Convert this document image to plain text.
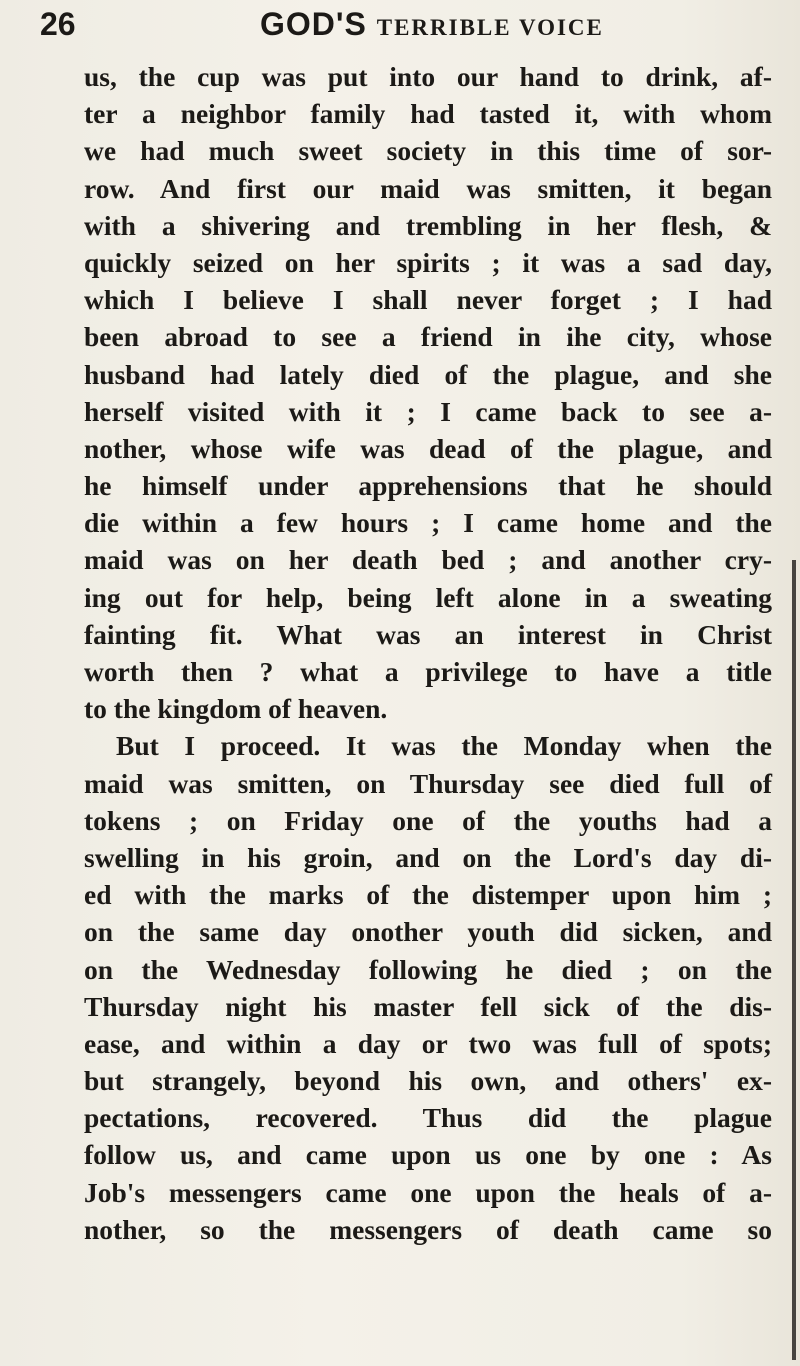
26	GOD'S TERRIBLE VOICE
us, the cup was put into our hand to drink, af-
ter a neighbor family had tasted it, with whom
we had much sweet society in this time of sor-
row. And first our maid was smitten, it began
with a shivering and trembling in her flesh, &
quickly seized on her spirits ; it was a sad day,
which I believe I shall never forget ; I had
been abroad to see a friend in ihe city, whose
husband had lately died of the plague, and she
herself visited with it ; I came back to see a-
nother, whose wife was dead of the plague, and
he himself under apprehensions that he should
die within a few hours ; I came home and the
maid was on her death bed ; and another cry-
ing out for help, being left alone in a sweating
fainting fit. What was an interest in Christ
worth then ? what a privilege to have a title
to the kingdom of heaven.
But I proceed. It was the Monday when the
maid was smitten, on Thursday see died full of
tokens ; on Friday one of the youths had a
swelling in his groin, and on the Lord's day di-
ed with the marks of the distemper upon him ;
on the same day onother youth did sicken, and
on the Wednesday following he died ; on the
Thursday night his master fell sick of the dis-
ease, and within a day or two was full of spots;
but strangely, beyond his own, and others' ex-
pectations, recovered. Thus did the plague
follow us, and came upon us one by one : As
Job's messengers came one upon the heals of a-
nother, so the messengers of death came so
